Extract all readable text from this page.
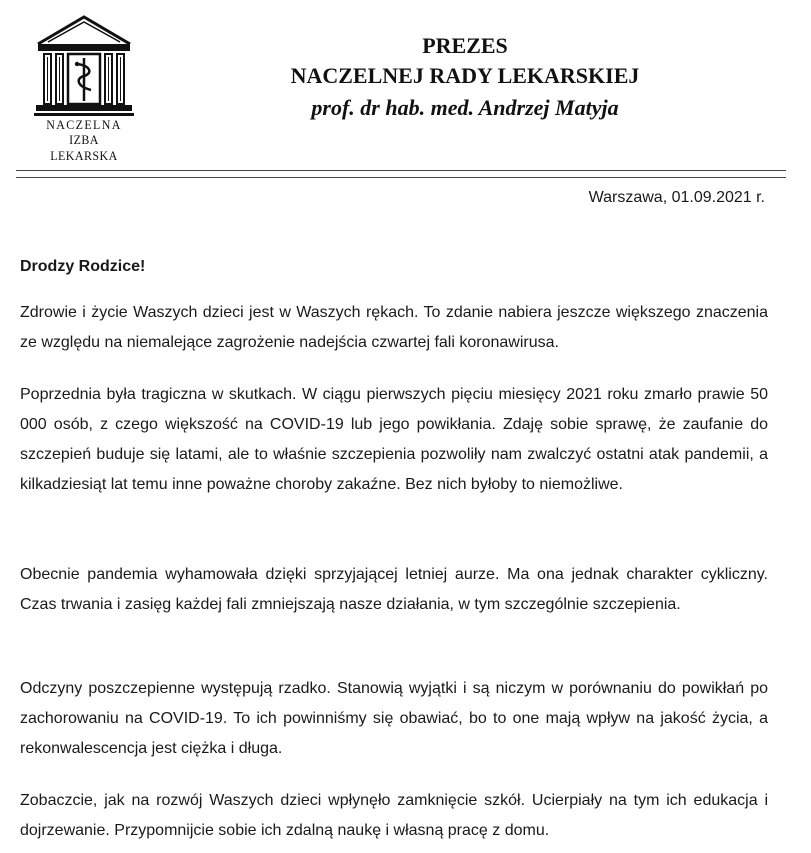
NACZELNA
IZBA LEKARSKA
PREZES
NACZELNEJ RADY LEKARSKIEJ
prof. dr hab. med. Andrzej Matyja
Warszawa, 01.09.2021 r.
Drodzy Rodzice!

Zdrowie i życie Waszych dzieci jest w Waszych rękach. To zdanie nabiera jeszcze większego znaczenia ze względu na niemalejące zagrożenie nadejścia czwartej fali koronawirusa.

Poprzednia była tragiczna w skutkach. W ciągu pierwszych pięciu miesięcy 2021 roku zmarło prawie 50 000 osób, z czego większość na COVID-19 lub jego powikłania. Zdaję sobie sprawę, że zaufanie do szczepień buduje się latami, ale to właśnie szczepienia pozwoliły nam zwalczyć ostatni atak pandemii, a kilkadziesiąt lat temu inne poważne choroby zakaźne. Bez nich byłoby to niemożliwe.

Obecnie pandemia wyhamowała dzięki sprzyjającej letniej aurze. Ma ona jednak charakter cykliczny. Czas trwania i zasięg każdej fali zmniejszają nasze działania, w tym szczególnie szczepienia.

Odczyny poszczepienne występują rzadko. Stanowią wyjątki i są niczym w porównaniu do powikłań po zachorowaniu na COVID-19. To ich powinniśmy się obawiać, bo to one mają wpływ na jakość życia, a rekonwalescencja jest ciężka i długa.

Zobaczcie, jak na rozwój Waszych dzieci wpłynęło zamknięcie szkół. Ucierpiały na tym ich edukacja i dojrzewanie. Przypomnijcie sobie ich zdalną naukę i własną pracę z domu.
